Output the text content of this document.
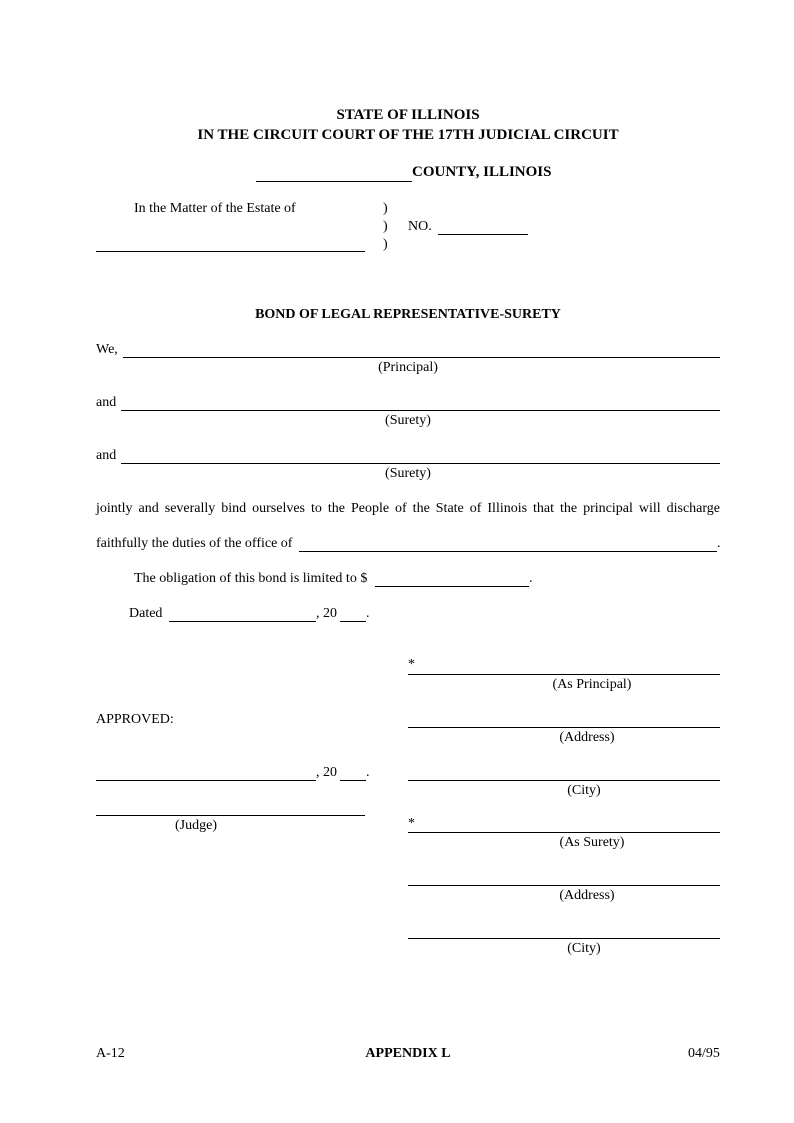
STATE OF ILLINOIS
IN THE CIRCUIT COURT OF THE 17TH JUDICIAL CIRCUIT
COUNTY, ILLINOIS
In the Matter of the Estate of	)
)
)
NO.
BOND OF LEGAL REPRESENTATIVE-SURETY
We,
(Principal)
and
(Surety)
and
(Surety)
jointly and severally bind ourselves to the People of the State of Illinois that the principal will discharge
faithfully the duties of the office of	.
The obligation of this bond is limited to $	.
Dated	, 20 .
*
(As Principal)
(Address)
(City)
*
(As Surety)
(Address)
(City)
APPROVED:
, 20 .
(Judge)
A-12	APPENDIX L	04/95
